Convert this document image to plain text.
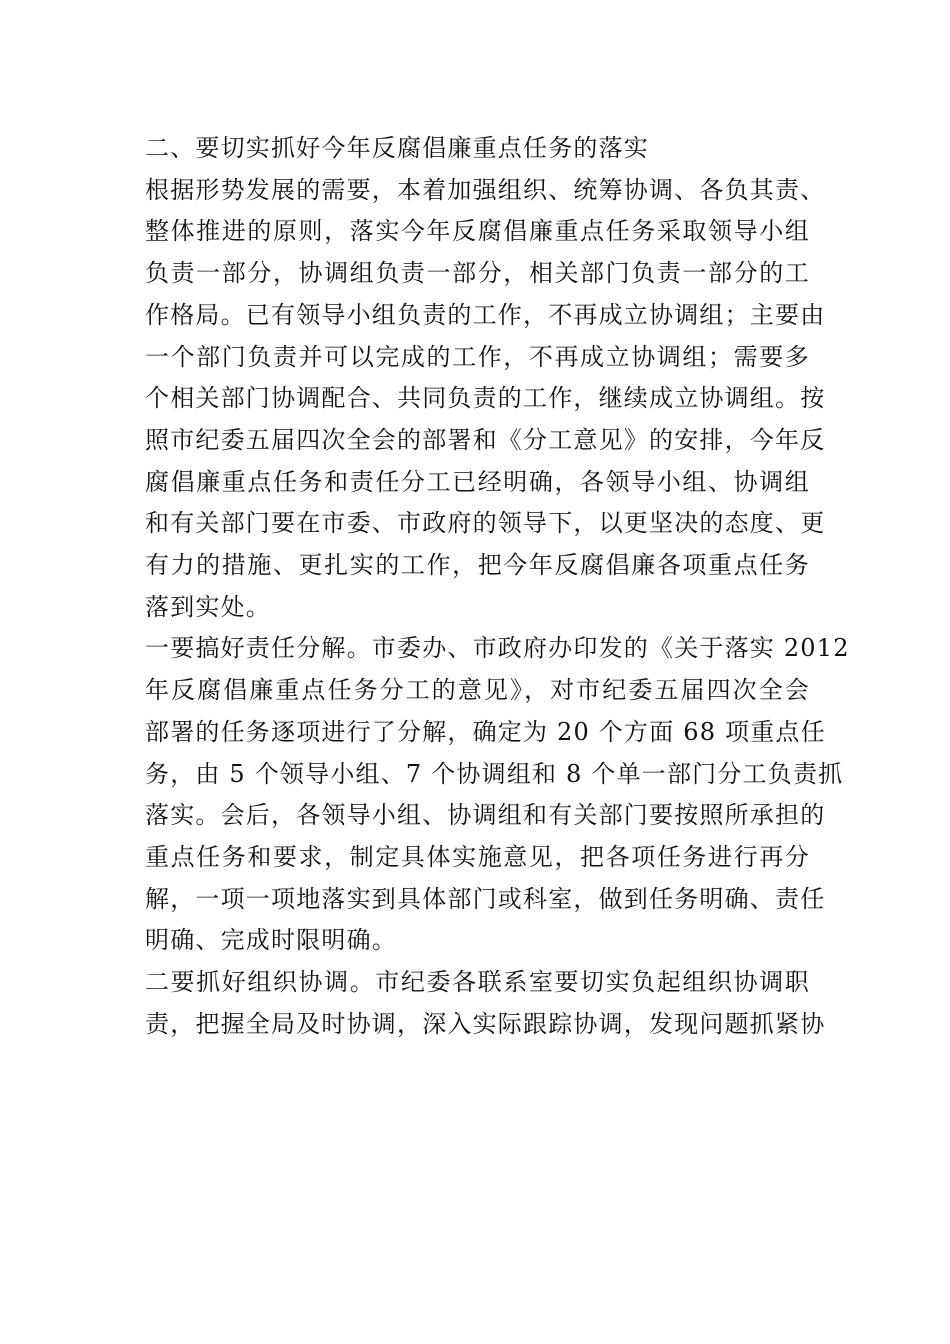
二、要切实抓好今年反腐倡廉重点任务的落实

根据形势发展的需要，本着加强组织、统筹协调、各负其责、
整体推进的原则，落实今年反腐倡廉重点任务采取领导小组
负责一部分，协调组负责一部分，相关部门负责一部分的工
作格局。已有领导小组负责的工作，不再成立协调组；主要由
一个部门负责并可以完成的工作，不再成立协调组；需要多
个相关部门协调配合、共同负责的工作，继续成立协调组。按
照市纪委五届四次全会的部署和《分工意见》的安排，今年反
腐倡廉重点任务和责任分工已经明确，各领导小组、协调组
和有关部门要在市委、市政府的领导下，以更坚决的态度、更
有力的措施、更扎实的工作，把今年反腐倡廉各项重点任务
落到实处。

一要搞好责任分解。市委办、市政府办印发的《关于落实 2012
年反腐倡廉重点任务分工的意见》，对市纪委五届四次全会
部署的任务逐项进行了分解，确定为 20 个方面 68 项重点任
务，由 5 个领导小组、7 个协调组和 8 个单一部门分工负责抓
落实。会后，各领导小组、协调组和有关部门要按照所承担的
重点任务和要求，制定具体实施意见，把各项任务进行再分
解，一项一项地落实到具体部门或科室，做到任务明确、责任
明确、完成时限明确。

二要抓好组织协调。市纪委各联系室要切实负起组织协调职
责，把握全局及时协调，深入实际跟踪协调，发现问题抓紧协
